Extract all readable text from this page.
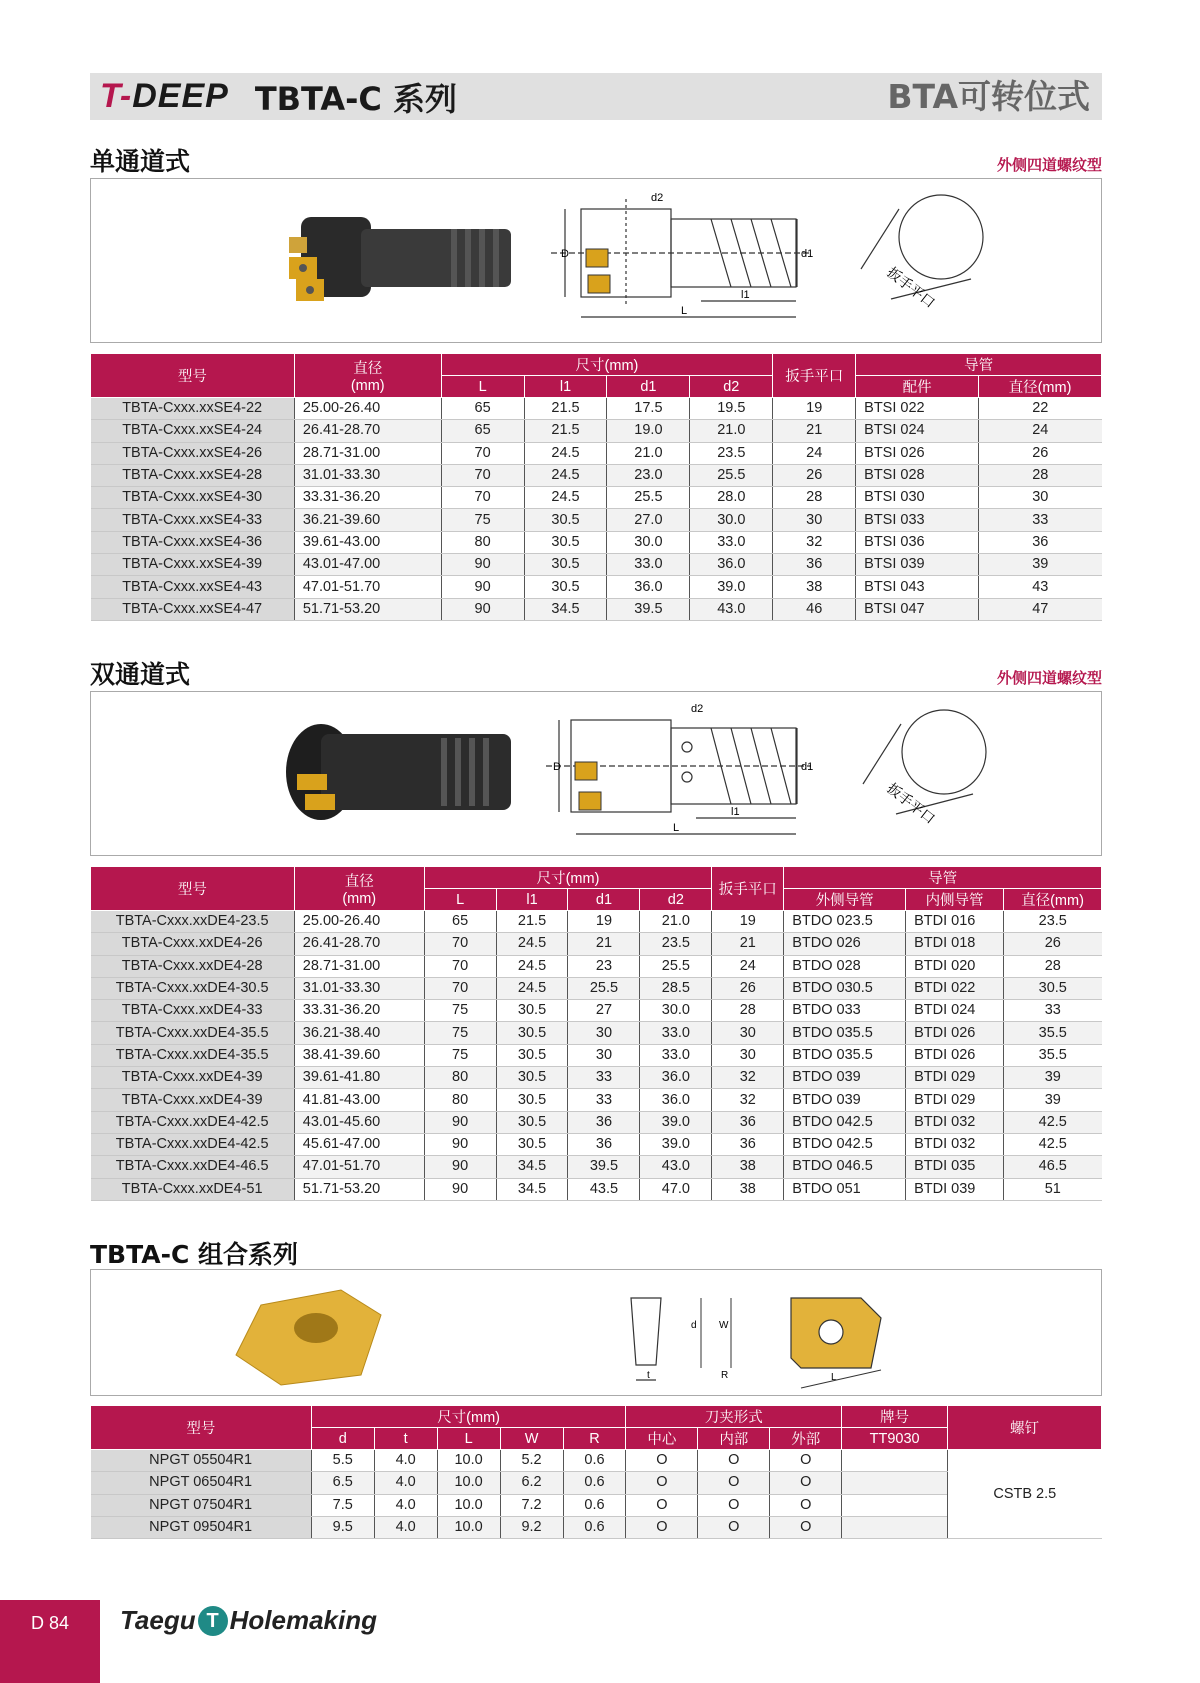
T-DEEP TBTA-C 系列	BTA可转位式
单通道式	外侧四道螺纹型
D	d1
d2
L
l1	扳手平口
型号	直径
(mm)	尺寸(mm)				扳手平口	导管	
		L	l1	d1	d2		配件	直径(mm)
TBTA-Cxxx.xxSE4-22	25.00-26.40	65	21.5	17.5	19.5	19	BTSI 022	22
TBTA-Cxxx.xxSE4-24	26.41-28.70	65	21.5	19.0	21.0	21	BTSI 024	24
TBTA-Cxxx.xxSE4-26	28.71-31.00	70	24.5	21.0	23.5	24	BTSI 026	26
TBTA-Cxxx.xxSE4-28	31.01-33.30	70	24.5	23.0	25.5	26	BTSI 028	28
TBTA-Cxxx.xxSE4-30	33.31-36.20	70	24.5	25.5	28.0	28	BTSI 030	30
TBTA-Cxxx.xxSE4-33	36.21-39.60	75	30.5	27.0	30.0	30	BTSI 033	33
TBTA-Cxxx.xxSE4-36	39.61-43.00	80	30.5	30.0	33.0	32	BTSI 036	36
TBTA-Cxxx.xxSE4-39	43.01-47.00	90	30.5	33.0	36.0	36	BTSI 039	39
TBTA-Cxxx.xxSE4-43	47.01-51.70	90	30.5	36.0	39.0	38	BTSI 043	43
TBTA-Cxxx.xxSE4-47	51.71-53.20	90	34.5	39.5	43.0	46	BTSI 047	47
双通道式	外侧四道螺纹型
D	d1
d2
L
l1	扳手平口
型号	直径
(mm)	尺寸(mm)				扳手平口	导管		
		L	l1	d1	d2		外侧导管	内侧导管	直径(mm)
TBTA-Cxxx.xxDE4-23.5	25.00-26.40	65	21.5	19	21.0	19	BTDO 023.5	BTDI 016	23.5
TBTA-Cxxx.xxDE4-26	26.41-28.70	70	24.5	21	23.5	21	BTDO 026	BTDI 018	26
TBTA-Cxxx.xxDE4-28	28.71-31.00	70	24.5	23	25.5	24	BTDO 028	BTDI 020	28
TBTA-Cxxx.xxDE4-30.5	31.01-33.30	70	24.5	25.5	28.5	26	BTDO 030.5	BTDI 022	30.5
TBTA-Cxxx.xxDE4-33	33.31-36.20	75	30.5	27	30.0	28	BTDO 033	BTDI 024	33
TBTA-Cxxx.xxDE4-35.5	36.21-38.40	75	30.5	30	33.0	30	BTDO 035.5	BTDI 026	35.5
TBTA-Cxxx.xxDE4-35.5	38.41-39.60	75	30.5	30	33.0	30	BTDO 035.5	BTDI 026	35.5
TBTA-Cxxx.xxDE4-39	39.61-41.80	80	30.5	33	36.0	32	BTDO 039	BTDI 029	39
TBTA-Cxxx.xxDE4-39	41.81-43.00	80	30.5	33	36.0	32	BTDO 039	BTDI 029	39
TBTA-Cxxx.xxDE4-42.5	43.01-45.60	90	30.5	36	39.0	36	BTDO 042.5	BTDI 032	42.5
TBTA-Cxxx.xxDE4-42.5	45.61-47.00	90	30.5	36	39.0	36	BTDO 042.5	BTDI 032	42.5
TBTA-Cxxx.xxDE4-46.5	47.01-51.70	90	34.5	39.5	43.0	38	BTDO 046.5	BTDI 035	46.5
TBTA-Cxxx.xxDE4-51	51.71-53.20	90	34.5	43.5	47.0	38	BTDO 051	BTDI 039	51
TBTA-C 组合系列
t
d W
R	L
型号	尺寸(mm)					刀夹形式			牌号	螺钉
	d	t	L	W	R	中心	内部	外部	TT9030	
NPGT 05504R1	5.5	4.0	10.0	5.2	0.6	O	O	O		CSTB 2.5
NPGT 06504R1	6.5	4.0	10.0	6.2	0.6	O	O	O		
NPGT 07504R1	7.5	4.0	10.0	7.2	0.6	O	O	O		
NPGT 09504R1	9.5	4.0	10.0	9.2	0.6	O	O	O		
D 84	Taegu T Holemaking
